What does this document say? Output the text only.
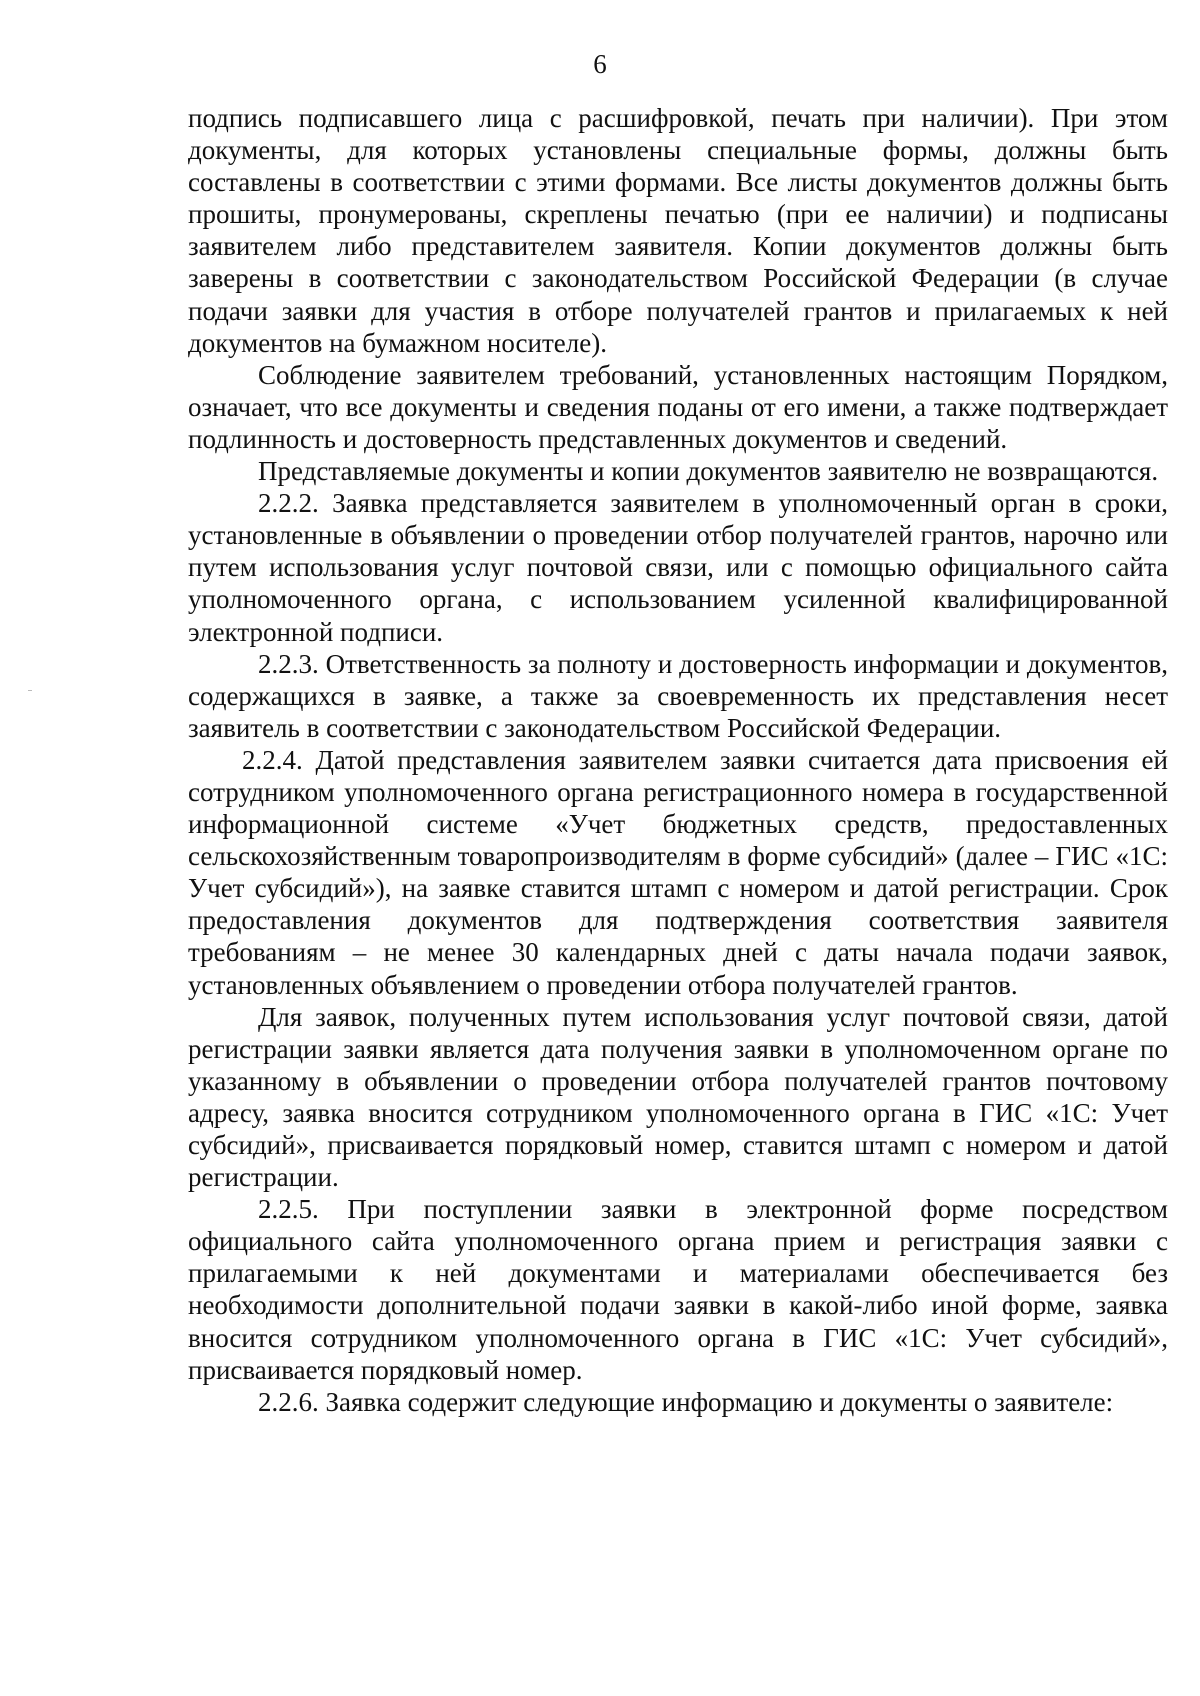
6

подпись подписавшего лица с расшифровкой, печать при наличии). При этом документы, для которых установлены специальные формы, должны быть составлены в соответствии с этими формами. Все листы документов должны быть прошиты, пронумерованы, скреплены печатью (при ее наличии) и подписаны заявителем либо представителем заявителя. Копии документов должны быть заверены в соответствии с законодательством Российской Федерации (в случае подачи заявки для участия в отборе получателей грантов и прилагаемых к ней документов на бумажном носителе).

Соблюдение заявителем требований, установленных настоящим Порядком, означает, что все документы и сведения поданы от его имени, а также подтверждает подлинность и достоверность представленных документов и сведений.

Представляемые документы и копии документов заявителю не возвращаются.

2.2.2. Заявка представляется заявителем в уполномоченный орган в сроки, установленные в объявлении о проведении отбор получателей грантов, нарочно или путем использования услуг почтовой связи, или с помощью официального сайта уполномоченного органа, с использованием усиленной квалифицированной электронной подписи.

2.2.3. Ответственность за полноту и достоверность информации и документов, содержащихся в заявке, а также за своевременность их представления несет заявитель в соответствии с законодательством Российской Федерации.

2.2.4. Датой представления заявителем заявки считается дата присвоения ей сотрудником уполномоченного органа регистрационного номера в государственной информационной системе «Учет бюджетных средств, предоставленных сельскохозяйственным товаропроизводителям в форме субсидий» (далее – ГИС «1С: Учет субсидий»), на заявке ставится штамп с номером и датой регистрации. Срок предоставления документов для подтверждения соответствия заявителя требованиям – не менее 30 календарных дней с даты начала подачи заявок, установленных объявлением о проведении отбора получателей грантов.

Для заявок, полученных путем использования услуг почтовой связи, датой регистрации заявки является дата получения заявки в уполномоченном органе по указанному в объявлении о проведении отбора получателей грантов почтовому адресу, заявка вносится сотрудником уполномоченного органа в ГИС «1С: Учет субсидий», присваивается порядковый номер, ставится штамп с номером и датой регистрации.

2.2.5. При поступлении заявки в электронной форме посредством официального сайта уполномоченного органа прием и регистрация заявки с прилагаемыми к ней документами и материалами обеспечивается без необходимости дополнительной подачи заявки в какой-либо иной форме, заявка вносится сотрудником уполномоченного органа в ГИС «1С: Учет субсидий», присваивается порядковый номер.

2.2.6. Заявка содержит следующие информацию и документы о заявителе:
